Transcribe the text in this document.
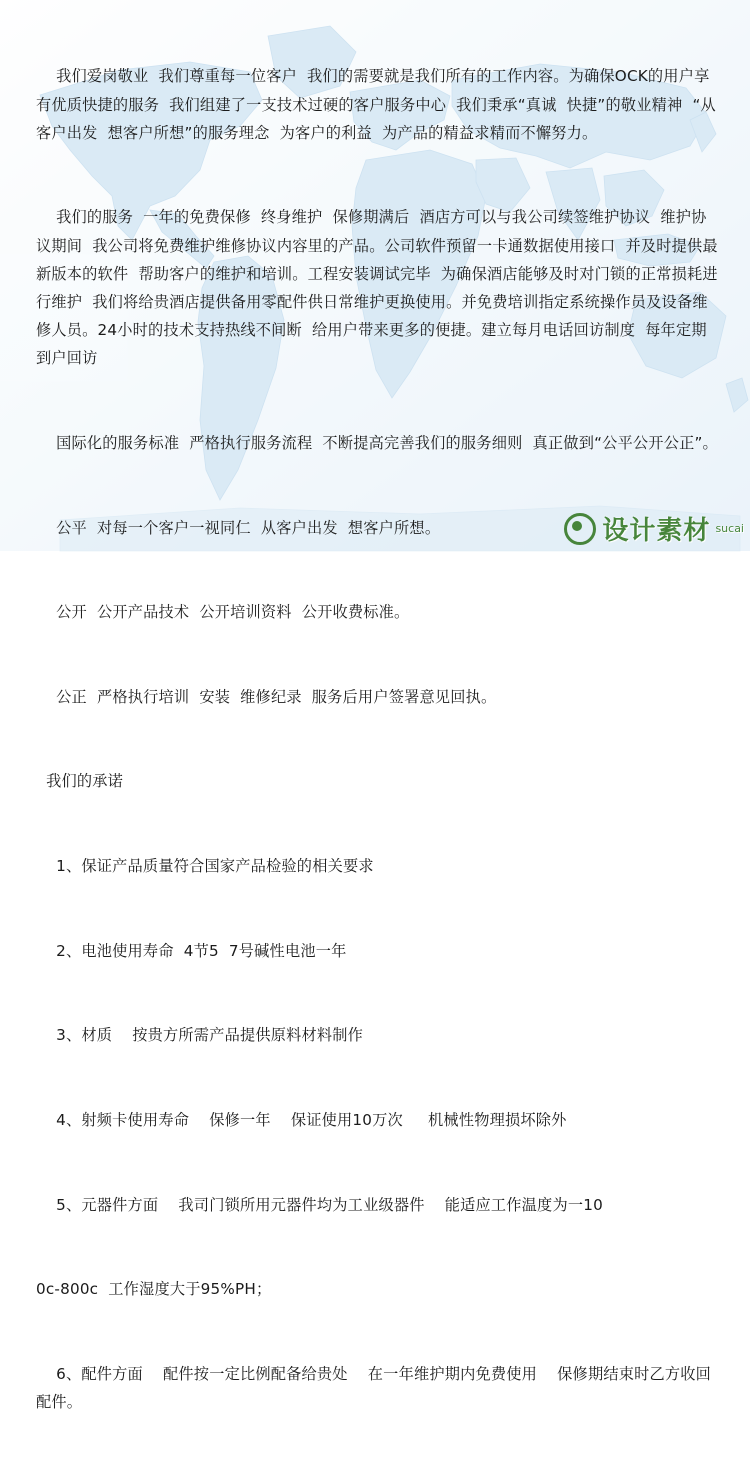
我们爱岗敬业  我们尊重每一位客户  我们的需要就是我们所有的工作内容。为确保OCK的用户享有优质快捷的服务  我们组建了一支技术过硬的客户服务中心  我们秉承“真诚  快捷”的敬业精神  “从客户出发  想客户所想”的服务理念  为客户的利益  为产品的精益求精而不懈努力。

我们的服务  一年的免费保修  终身维护  保修期满后  酒店方可以与我公司续签维护协议  维护协议期间  我公司将免费维护维修协议内容里的产品。公司软件预留一卡通数据使用接口  并及时提供最新版本的软件  帮助客户的维护和培训。工程安装调试完毕  为确保酒店能够及时对门锁的正常损耗进行维护  我们将给贵酒店提供备用零配件供日常维护更换使用。并免费培训指定系统操作员及设备维修人员。24小时的技术支持热线不间断  给用户带来更多的便捷。建立每月电话回访制度  每年定期到户回访

国际化的服务标准  严格执行服务流程  不断提高完善我们的服务细则  真正做到“公平公开公正”。

公平  对每一个客户一视同仁  从客户出发  想客户所想。

公开  公开产品技术  公开培训资料  公开收费标准。

公正  严格执行培训  安装  维修纪录  服务后用户签署意见回执。

我们的承诺

1、保证产品质量符合国家产品检验的相关要求

2、电池使用寿命  4节5  7号碱性电池一年

3、材质    按贵方所需产品提供原料材料制作

4、射频卡使用寿命    保修一年    保证使用10万次     机械性物理损坏除外

5、元器件方面    我司门锁所用元器件均为工业级器件    能适应工作温度为一10

0c-800c  工作湿度大于95%PH；

6、配件方面    配件按一定比例配备给贵处    在一年维护期内免费使用    保修期结束时乙方收回配件。

设计素材 sucai
